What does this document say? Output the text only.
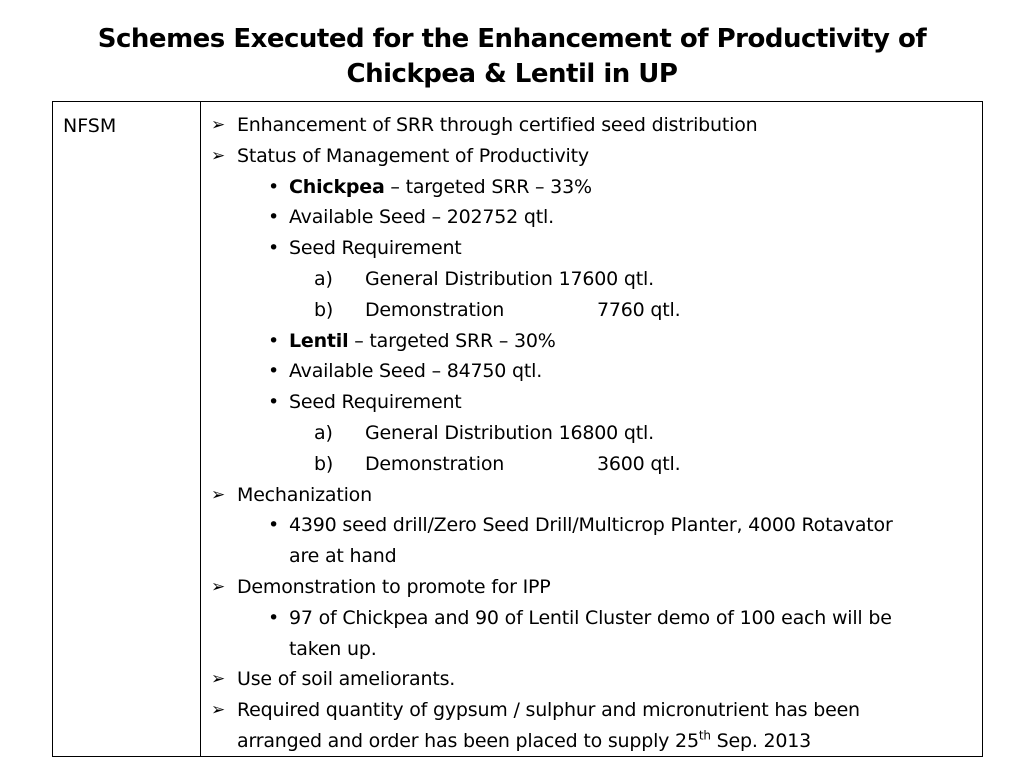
Schemes Executed for the Enhancement of Productivity of
Chickpea & Lentil in UP
NFSM	➢ Enhancement of SRR through certified seed distribution
➢ Status of Management of Productivity
• Chickpea – targeted SRR – 33%
• Available Seed – 202752 qtl.
• Seed Requirement
a) General Distribution 17600 qtl.
b) Demonstration	7760 qtl.
• Lentil – targeted SRR – 30%
• Available Seed – 84750 qtl.
• Seed Requirement
a) General Distribution 16800 qtl.
b) Demonstration	3600 qtl.
➢ Mechanization
• 4390 seed drill/Zero Seed Drill/Multicrop Planter, 4000 Rotavator
are at hand
➢ Demonstration to promote for IPP
• 97 of Chickpea and 90 of Lentil Cluster demo of 100 each will be
taken up.
➢ Use of soil ameliorants.
➢ Required quantity of gypsum / sulphur and micronutrient has been
arranged and order has been placed to supply 25th Sep. 2013
